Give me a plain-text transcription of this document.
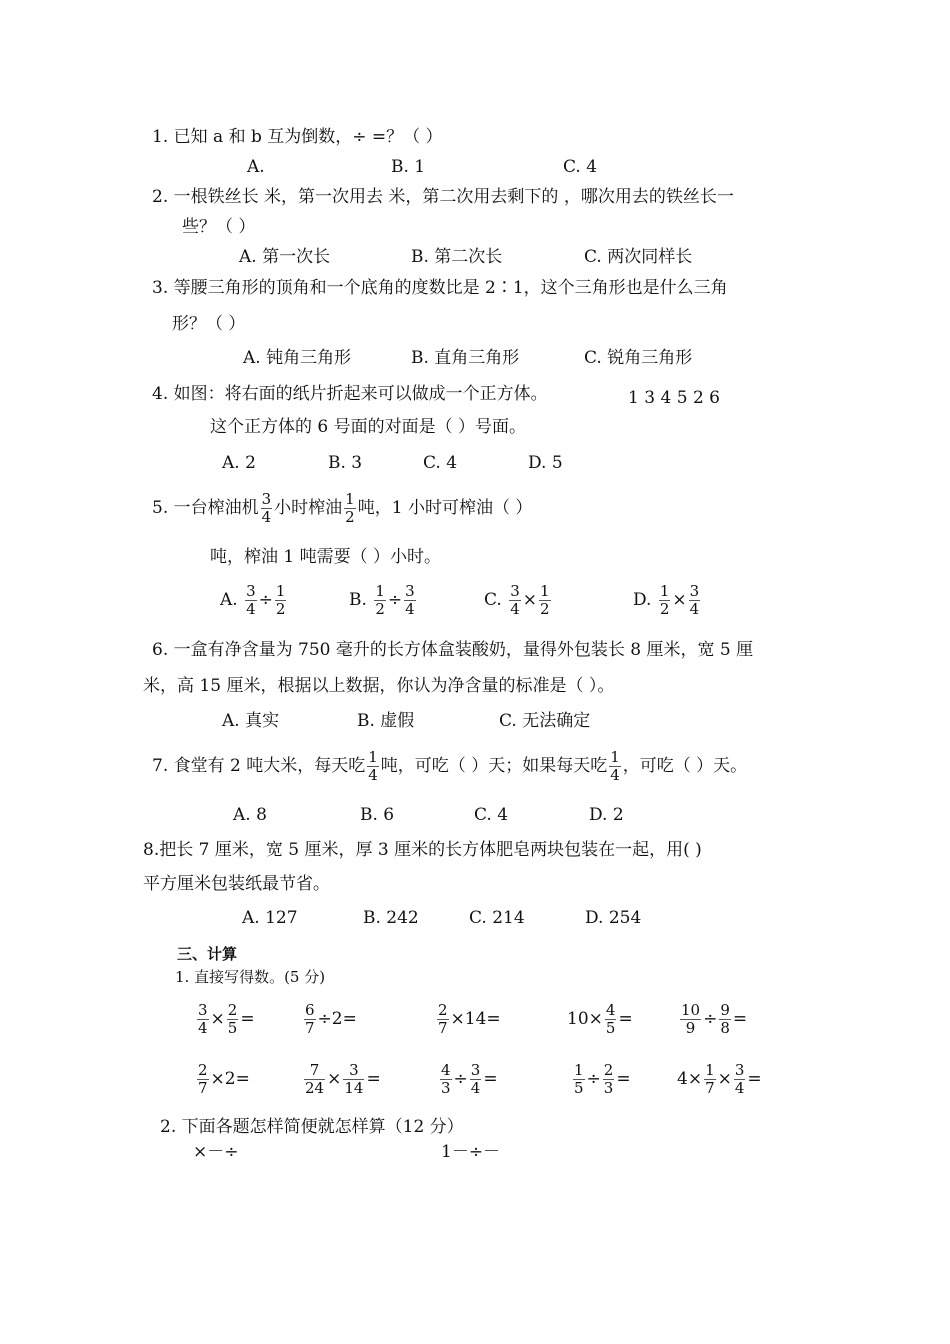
1. 已知 a 和 b 互为倒数，÷ =？（ ）
A.	B. 1	C. 4
2. 一根铁丝长 米，第一次用去 米，第二次用去剩下的 ，哪次用去的铁丝长一
些？（ ）
A. 第一次长	B. 第二次长	C. 两次同样长
3. 等腰三角形的顶角和一个底角的度数比是 2∶1，这个三角形也是什么三角
形？（ ）
A. 钝角三角形	B. 直角三角形	C. 锐角三角形
4. 如图：将右面的纸片折起来可以做成一个正方体。
这个正方体的 6 号面的对面是（ ）号面。
A. 2	B. 3	C. 4	D. 5
1 3 4 5 2 6
5. 一台榨油机 $\frac{3}{4}$ 小时榨油 $\frac{1}{2}$ 吨，1 小时可榨油（ ）
吨，榨油 1 吨需要（ ）小时。
A. $\frac{3}{4} \div \frac{1}{2}$	B. $\frac{1}{2} \div \frac{3}{4}$	C. $\frac{3}{4} \times \frac{1}{2}$	D. $\frac{1}{2} \times \frac{3}{4}$
6. 一盒有净含量为 750 毫升的长方体盒装酸奶，量得外包装长 8 厘米，宽 5 厘
米，高 15 厘米，根据以上数据，你认为净含量的标准是（ ）。
A. 真实	B. 虚假	C. 无法确定
7. 食堂有 2 吨大米，每天吃 $\frac{1}{4}$ 吨，可吃（ ）天；如果每天吃 $\frac{1}{4}$ ，可吃（ ）天。
A. 8	B. 6	C. 4	D. 2
8.把长 7 厘米，宽 5 厘米，厚 3 厘米的长方体肥皂两块包装在一起，用( )
平方厘米包装纸最节省。
A. 127	B. 242	C. 214	D. 254
三、计算
1. 直接写得数。(5 分)
$\frac{3}{4} \times \frac{2}{5}$ =	$\frac{6}{7} \div 2=$	$\frac{2}{7} \times 14=$	$10\times \frac{4}{5}$ =	$\frac{10}{9} \div \frac{9}{8}$ =
$\frac{2}{7} \times 2=$	$\frac{7}{24} \times \frac{3}{14}$ =	$\frac{4}{3} \div \frac{3}{4}$ =	$\frac{1}{5} \div \frac{2}{3}$ =	$4\times \frac{1}{7} \times \frac{3}{4}$ =
2. 下面各题怎样简便就怎样算（12 分）
×－÷	1－÷－
